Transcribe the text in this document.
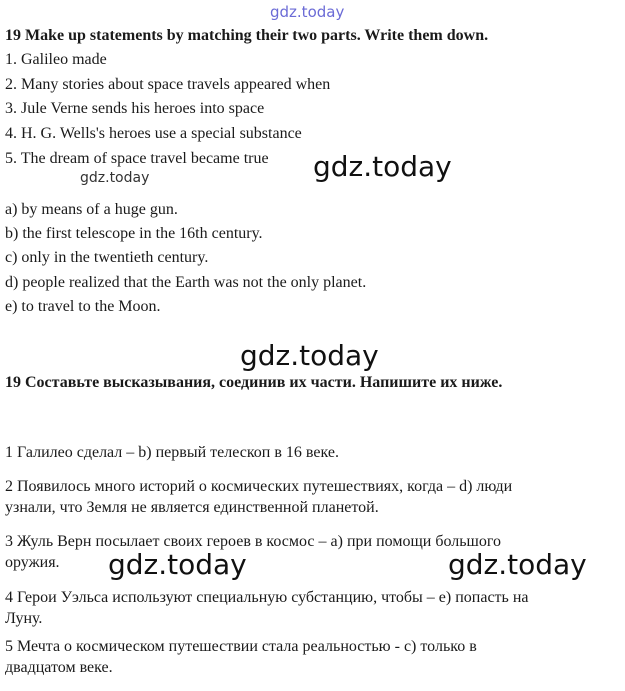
gdz.today
19 Make up statements by matching their two parts. Write them down.
1. Galileo made
2. Many stories about space travels appeared when
3. Jule Verne sends his heroes into space
4. H. G. Wells's heroes use a special substance
5. The dream of space travel became true gdz.today
gdz.today
a) by means of a huge gun.
b) the first telescope in the 16th century.
c) only in the twentieth century.
d) people realized that the Earth was not the only planet.
e) to travel to the Moon.
gdz.today
19 Составьте высказывания, соединив их части. Напишите их ниже.
1 Галилео сделал – b) первый телескоп в 16 веке.
2 Появилось много историй о космических путешествиях, когда – d) люди
узнали, что Земля не является единственной планетой.
3 Жуль Верн посылает своих героев в космос – a) при помощи большого
оружия. gdz.today	gdz.today
4 Герои Уэльса используют специальную субстанцию, чтобы – e) попасть на
Луну.
5 Мечта о космическом путешествии стала реальностью - c) только в
двадцатом веке.
